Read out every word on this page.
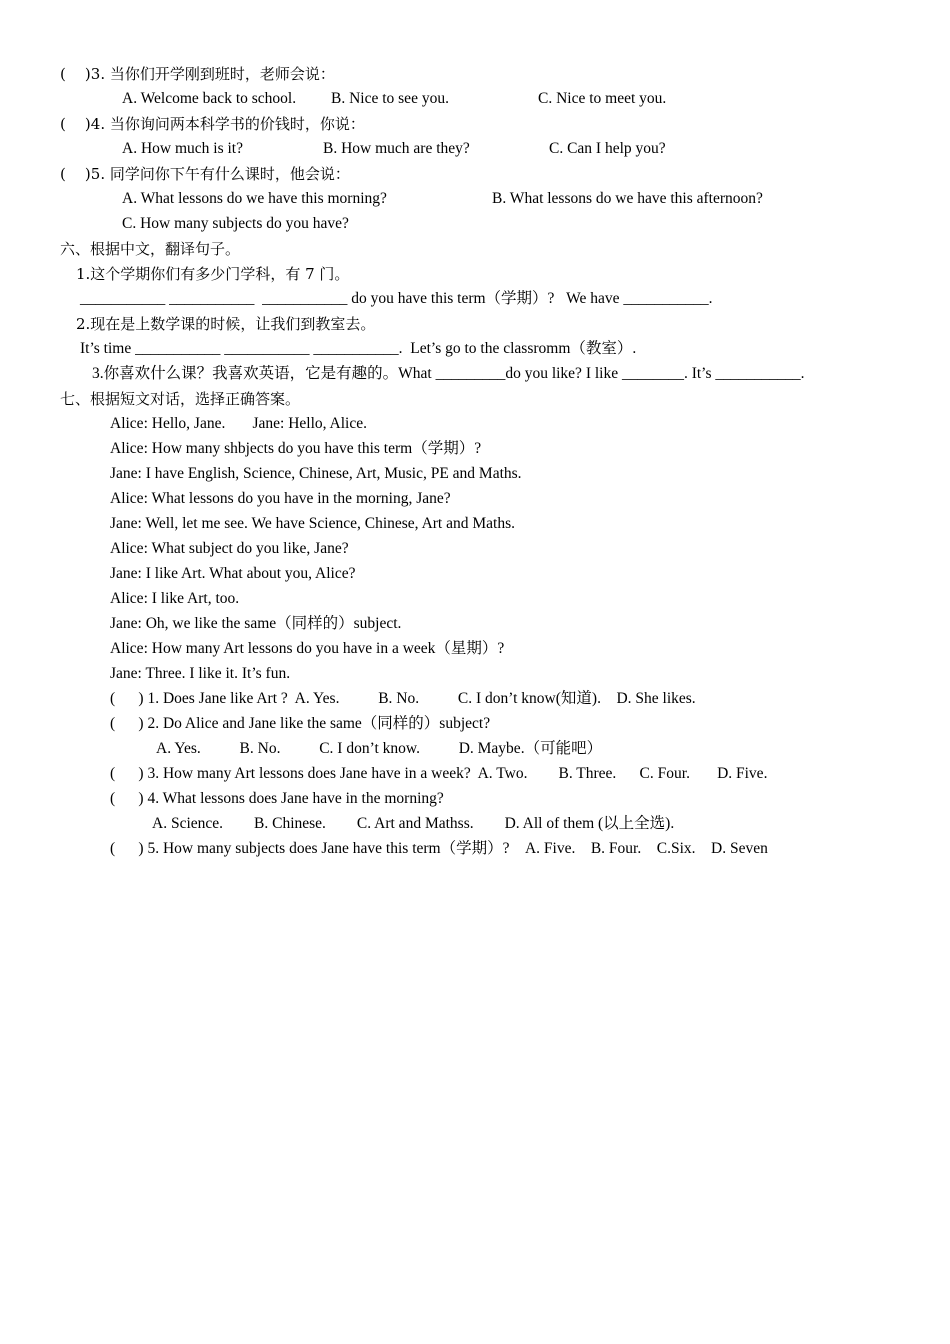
(    )3. 当你们开学刚到班时，老师会说：
A. Welcome back to school. B. Nice to see you.	C. Nice to meet you.
(    )4. 当你询问两本科学书的价钱时，你说：
A. How much is it?	B. How much are they?	C. Can I help you?
(    )5. 同学问你下午有什么课时，他会说：
A. What lessons do we have this morning?	B. What lessons do we have this afternoon?
C. How many subjects do you have?
六、根据中文，翻译句子。
1.这个学期你们有多少门学科，有 7 门。
___________ ___________  ___________ do you have this term（学期）?   We have ___________.
2.现在是上数学课的时候，让我们到教室去。
It’s time ___________ ___________ ___________.  Let’s go to the classromm（教室）.
3.你喜欢什么课？我喜欢英语，它是有趣的。What _________do you like? I like ________. It’s ___________.
七、根据短文对话，选择正确答案。
Alice: Hello, Jane.       Jane: Hello, Alice.
Alice: How many shbjects do you have this term（学期）?
Jane: I have English, Science, Chinese, Art, Music, PE and Maths.
Alice: What lessons do you have in the morning, Jane?
Jane: Well, let me see. We have Science, Chinese, Art and Maths.
Alice: What subject do you like, Jane?
Jane: I like Art. What about you, Alice?
Alice: I like Art, too.
Jane: Oh, we like the same（同样的）subject.
Alice: How many Art lessons do you have in a week（星期）?
Jane: Three. I like it. It’s fun.
(      ) 1. Does Jane like Art ?  A. Yes.          B. No.          C. I don’t know(知道).    D. She likes.
(      ) 2. Do Alice and Jane like the same（同样的）subject?
A. Yes.          B. No.          C. I don’t know.          D. Maybe.（可能吧）
(      ) 3. How many Art lessons does Jane have in a week?  A. Two.        B. Three.      C. Four.       D. Five.
(      ) 4. What lessons does Jane have in the morning?
A. Science.        B. Chinese.        C. Art and Mathss.        D. All of them (以上全选).
(      ) 5. How many subjects does Jane have this term（学期）?    A. Five.    B. Four.    C.Six.    D. Seven
